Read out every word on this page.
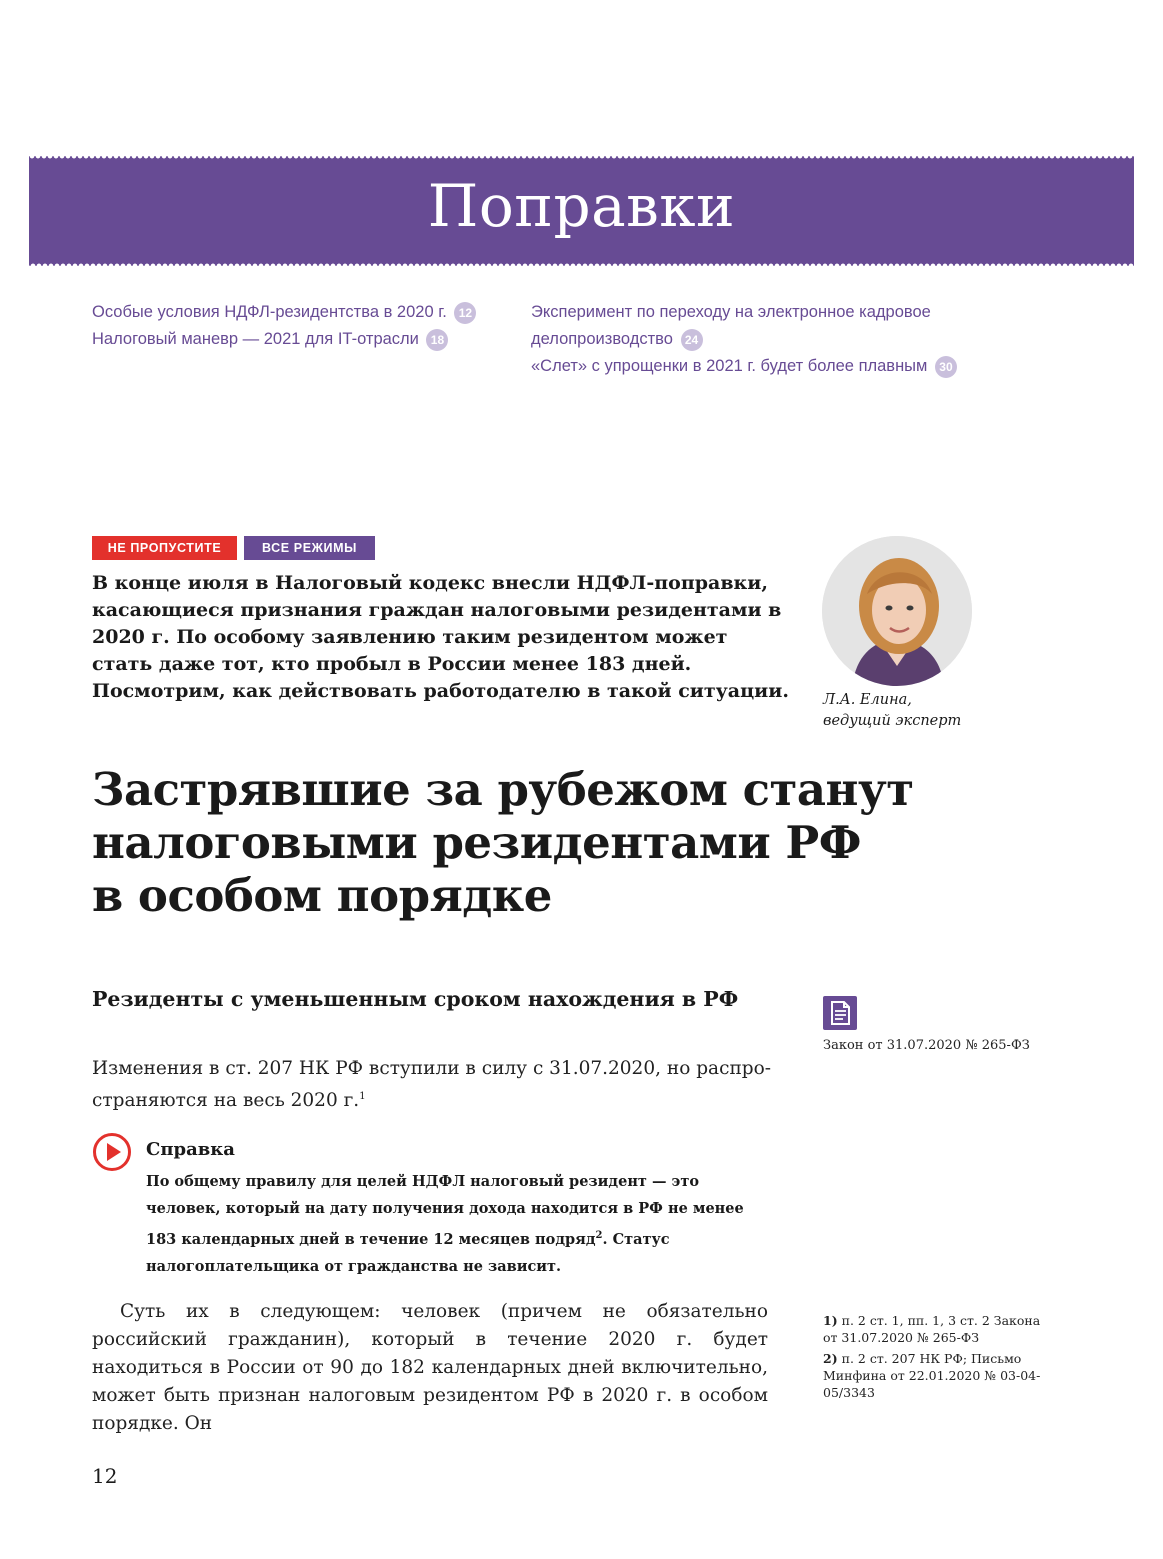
Поправки
Особые условия НДФЛ-резидентства в 2020 г. 12
Налоговый маневр — 2021 для IT-отрасли 18
Эксперимент по переходу на электронное кадровое
делопроизводство 24
«Слет» с упрощенки в 2021 г. будет более плавным 30
НЕ ПРОПУСТИТЕ	ВСЕ РЕЖИМЫ
В конце июля в Налоговый кодекс внесли НДФЛ-поправки, касающиеся признания граждан налоговыми резидентами в 2020 г. По особому заявлению таким резидентом может стать даже тот, кто пробыл в России менее 183 дней. Посмотрим, как действовать работодателю в такой ситуации. Л.А. Елина,
ведущий эксперт
Застрявшие за рубежом станут
налоговыми резидентами РФ
в особом порядке
Резиденты с уменьшенным сроком нахождения в РФ
Изменения в ст. 207 НК РФ вступили в силу с 31.07.2020, но распро-страняются на весь 2020 г.$^1$
Закон от 31.07.2020 № 265-ФЗ
Справка
По общему правилу для целей НДФЛ налоговый резидент — это человек, который на дату получения дохода находится в РФ не менее 183 календарных дней в течение 12 месяцев подряд$^2$. Статус налогоплательщика от гражданства не зависит.
Суть их в следующем: человек (причем не обязательно российский гражданин), который в течение 2020 г. будет находиться в России от 90 до 182 календарных дней включительно, может быть признан налоговым резидентом РФ в 2020 г. в особом порядке. Он
1) п. 2 ст. 1, пп. 1, 3 ст. 2 Закона от 31.07.2020 № 265-ФЗ
2) п. 2 ст. 207 НК РФ; Письмо Минфина от 22.01.2020 № 03-04-05/3343
12
